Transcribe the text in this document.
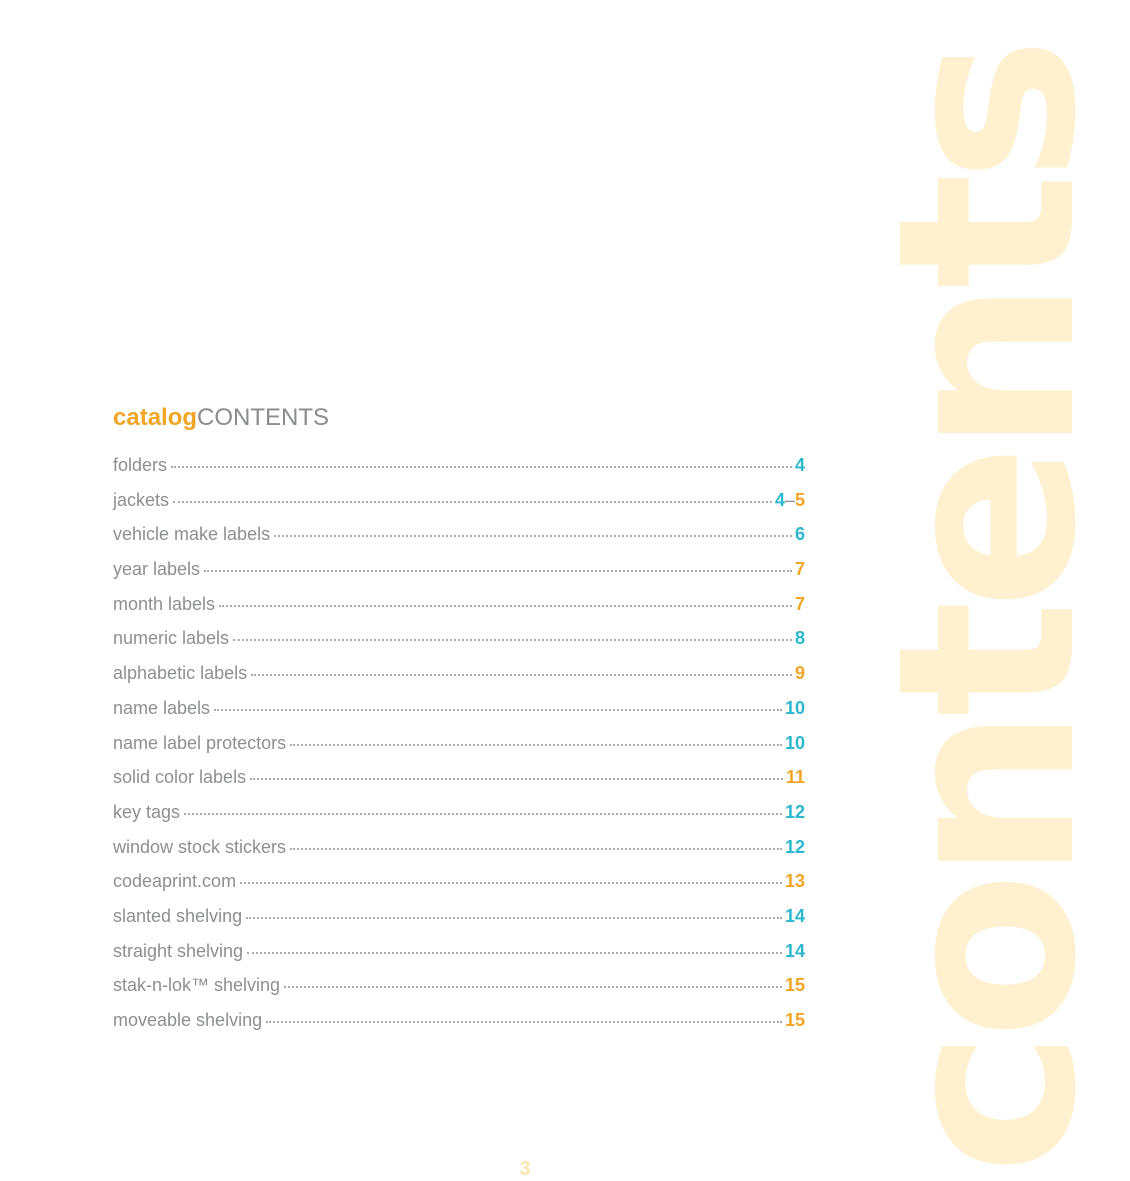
contents
catalogCONTENTS
folders	4
jackets	4–5
vehicle make labels	6
year labels	7
month labels	7
numeric labels	8
alphabetic labels	9
name labels	10
name label protectors	10
solid color labels	11
key tags	12
window stock stickers	12
codeaprint.com	13
slanted shelving	14
straight shelving	14
stak-n-lok™ shelving	15
moveable shelving	15
3
